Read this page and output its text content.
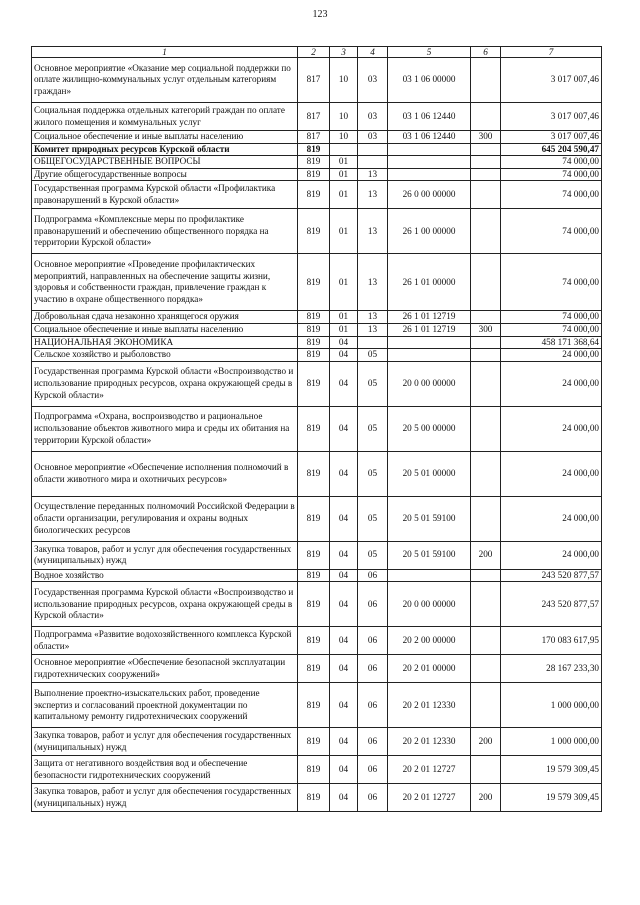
123
1	2	3	4	5	6	7
Основное мероприятие «Оказание мер социальной поддержки по оплате жилищно-коммунальных услуг отдельным категориям граждан»	817	10	03	03 1 06 00000		3 017 007,46
Социальная поддержка отдельных категорий граждан по оплате жилого помещения и коммунальных услуг	817	10	03	03 1 06 12440		3 017 007,46
Социальное обеспечение и иные выплаты населению	817	10	03	03 1 06 12440	300	3 017 007,46
Комитет природных ресурсов Курской области	819					645 204 590,47
ОБЩЕГОСУДАРСТВЕННЫЕ ВОПРОСЫ	819	01				74 000,00
Другие общегосударственные вопросы	819	01	13			74 000,00
Государственная программа Курской области «Профилактика правонарушений в Курской области»	819	01	13	26 0 00 00000		74 000,00
Подпрограмма «Комплексные меры по профилактике правонарушений и обеспечению общественного порядка на территории Курской области»	819	01	13	26 1 00 00000		74 000,00
Основное мероприятие «Проведение профилактических мероприятий, направленных на обеспечение защиты жизни, здоровья и собственности граждан, привлечение граждан к участию в охране общественного порядка»	819	01	13	26 1 01 00000		74 000,00
Добровольная сдача незаконно хранящегося оружия	819	01	13	26 1 01 12719		74 000,00
Социальное обеспечение и иные выплаты населению	819	01	13	26 1 01 12719	300	74 000,00
НАЦИОНАЛЬНАЯ ЭКОНОМИКА	819	04				458 171 368,64
Сельское хозяйство и рыболовство	819	04	05			24 000,00
Государственная программа Курской области «Воспроизводство и использование природных ресурсов, охрана окружающей среды в Курской области»	819	04	05	20 0 00 00000		24 000,00
Подпрограмма «Охрана, воспроизводство и рациональное использование объектов животного мира и среды их обитания на территории Курской области»	819	04	05	20 5 00 00000		24 000,00
Основное мероприятие «Обеспечение исполнения полномочий в области животного мира и охотничьих ресурсов»	819	04	05	20 5 01 00000		24 000,00
Осуществление переданных полномочий Российской Федерации в области организации, регулирования и охраны водных биологических ресурсов	819	04	05	20 5 01 59100		24 000,00
Закупка товаров, работ и услуг для обеспечения государственных (муниципальных) нужд	819	04	05	20 5 01 59100	200	24 000,00
Водное хозяйство	819	04	06			243 520 877,57
Государственная программа Курской области «Воспроизводство и использование природных ресурсов, охрана окружающей среды в Курской области»	819	04	06	20 0 00 00000		243 520 877,57
Подпрограмма «Развитие водохозяйственного комплекса Курской области»	819	04	06	20 2 00 00000		170 083 617,95
Основное мероприятие «Обеспечение безопасной эксплуатации гидротехнических сооружений»	819	04	06	20 2 01 00000		28 167 233,30
Выполнение проектно-изыскательских работ, проведение экспертиз и согласований проектной документации по капитальному ремонту гидротехнических сооружений	819	04	06	20 2 01 12330		1 000 000,00
Закупка товаров, работ и услуг для обеспечения государственных (муниципальных) нужд	819	04	06	20 2 01 12330	200	1 000 000,00
Защита от негативного воздействия вод и обеспечение безопасности гидротехнических сооружений	819	04	06	20 2 01 12727		19 579 309,45
Закупка товаров, работ и услуг для обеспечения государственных (муниципальных) нужд	819	04	06	20 2 01 12727	200	19 579 309,45
